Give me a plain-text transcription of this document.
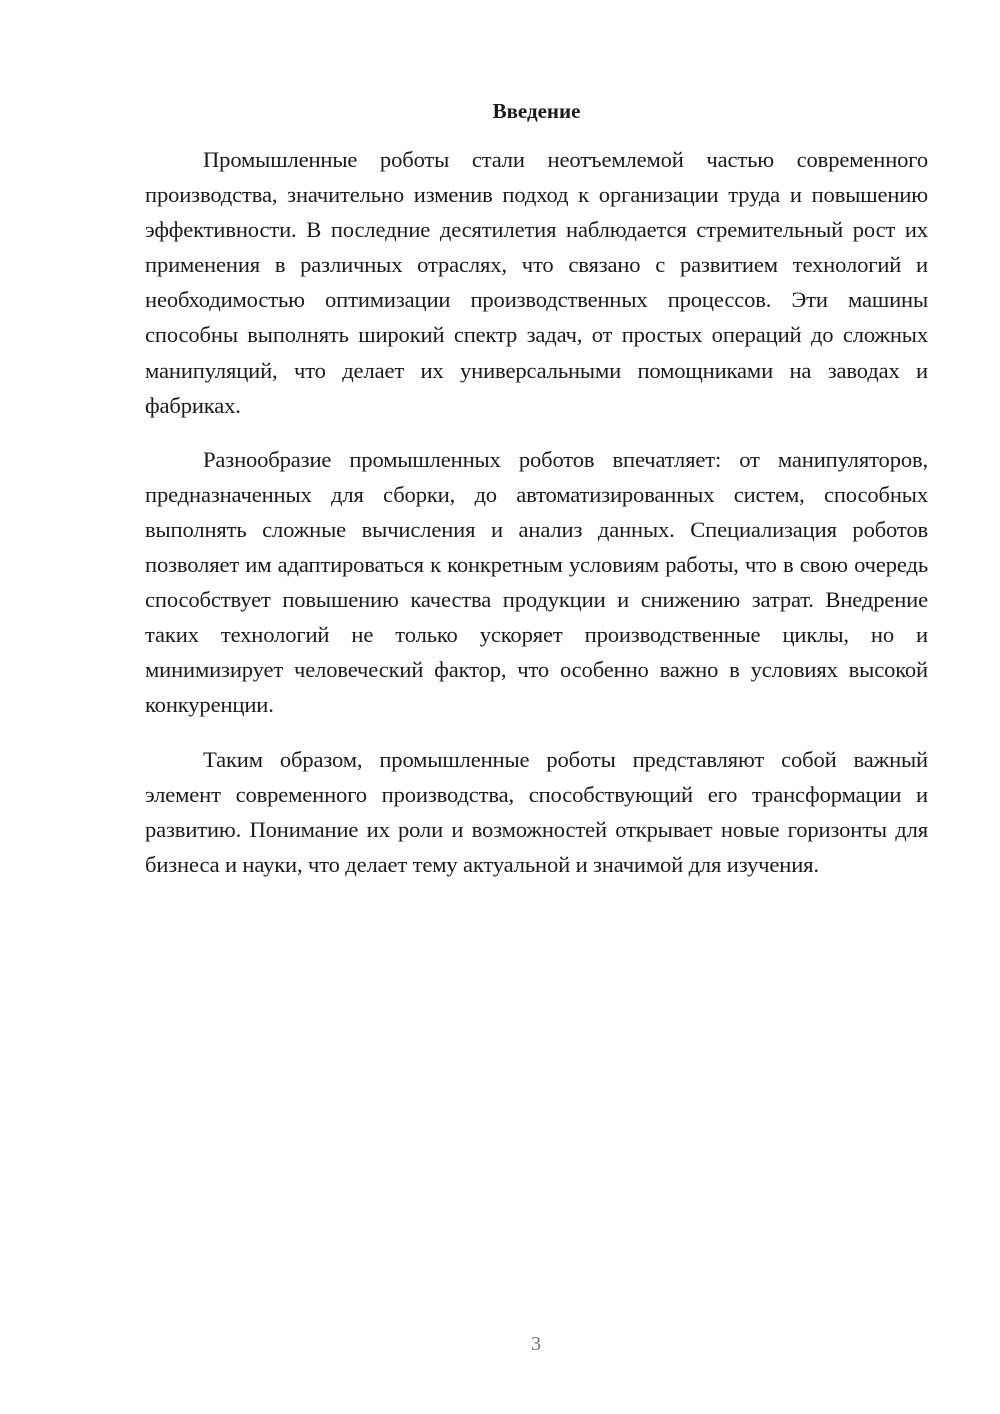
Введение

Промышленные роботы стали неотъемлемой частью современного производства, значительно изменив подход к организации труда и повышению эффективности. В последние десятилетия наблюдается стремительный рост их применения в различных отраслях, что связано с развитием технологий и необходимостью оптимизации производственных процессов. Эти машины способны выполнять широкий спектр задач, от простых операций до сложных манипуляций, что делает их универсальными помощниками на заводах и фабриках.

Разнообразие промышленных роботов впечатляет: от манипуляторов, предназначенных для сборки, до автоматизированных систем, способных выполнять сложные вычисления и анализ данных. Специализация роботов позволяет им адаптироваться к конкретным условиям работы, что в свою очередь способствует повышению качества продукции и снижению затрат. Внедрение таких технологий не только ускоряет производственные циклы, но и минимизирует человеческий фактор, что особенно важно в условиях высокой конкуренции.

Таким образом, промышленные роботы представляют собой важный элемент современного производства, способствующий его трансформации и развитию. Понимание их роли и возможностей открывает новые горизонты для бизнеса и науки, что делает тему актуальной и значимой для изучения.

3
